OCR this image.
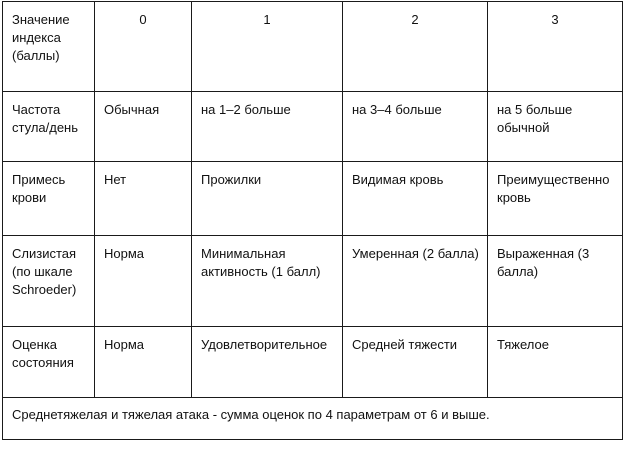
Значение индекса (баллы)	0	1	2	3
Частота стула/день	Обычная	на 1–2 больше	на 3–4 больше	на 5 больше обычной
Примесь крови	Нет	Прожилки	Видимая кровь	Преимущественно кровь
Слизистая (по шкале Schroeder)	Норма	Минимальная активность (1 балл)	Умеренная (2 балла)	Выраженная (3 балла)
Оценка состояния	Норма	Удовлетворительное	Средней тяжести	Тяжелое
Среднетяжелая и тяжелая атака - сумма оценок по 4 параметрам от 6 и выше.				
